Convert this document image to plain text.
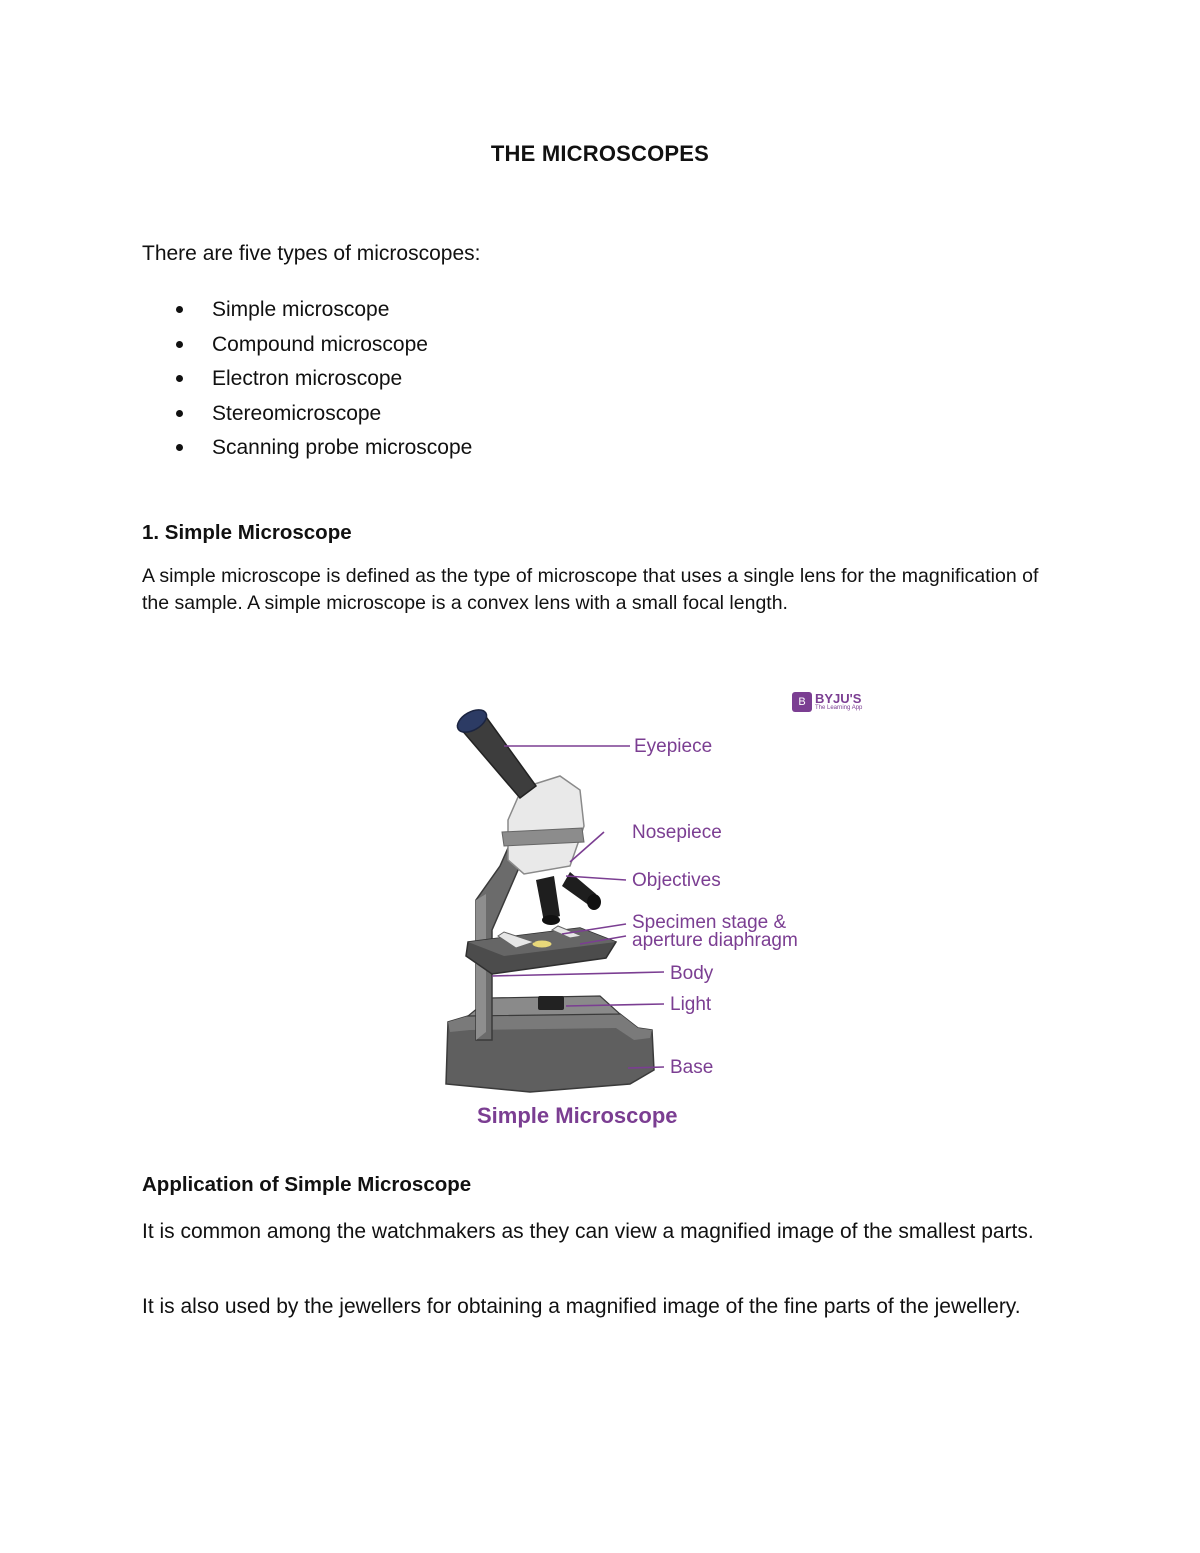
THE MICROSCOPES
There are five types of microscopes:
Simple microscope
Compound microscope
Electron microscope
Stereomicroscope
Scanning probe microscope
1. Simple Microscope
A simple microscope is defined as the type of microscope that uses a single lens for the magnification of the sample. A simple microscope is a convex lens with a small focal length.
B BYJU'S
The Learning App
Eyepiece
Nosepiece
Objectives
Specimen stage &
aperture diaphragm
Body
Light
Base
Simple Microscope
Application of Simple Microscope
It is common among the watchmakers as they can view a magnified image of the smallest parts.
It is also used by the jewellers for obtaining a magnified image of the fine parts of the jewellery.
